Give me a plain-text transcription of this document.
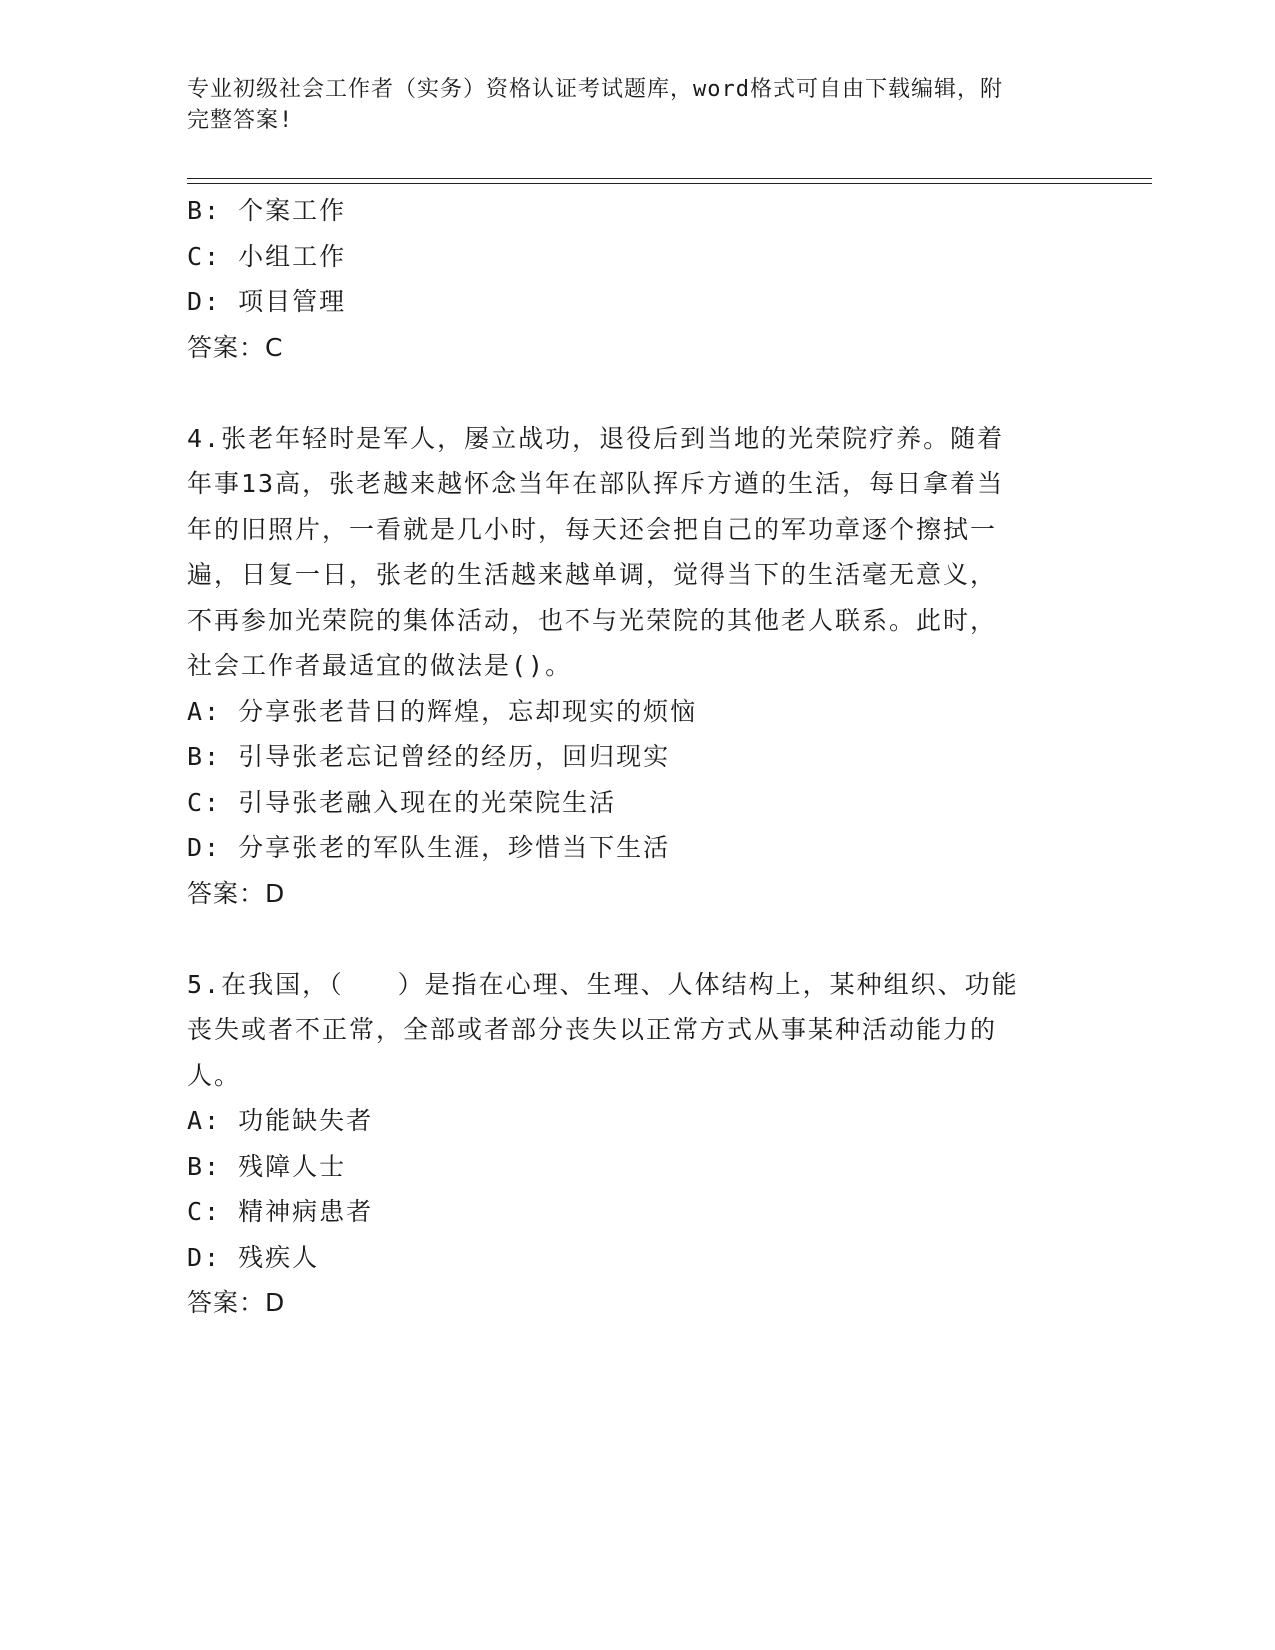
专业初级社会工作者（实务）资格认证考试题库，word格式可自由下载编辑，附
完整答案!
B: 个案工作
C: 小组工作
D: 项目管理
答案：C
4.张老年轻时是军人，屡立战功，退役后到当地的光荣院疗养。随着
年事13高，张老越来越怀念当年在部队挥斥方遒的生活，每日拿着当
年的旧照片，一看就是几小时，每天还会把自己的军功章逐个擦拭一
遍，日复一日，张老的生活越来越单调，觉得当下的生活毫无意义，
不再参加光荣院的集体活动，也不与光荣院的其他老人联系。此时，
社会工作者最适宜的做法是()。
A: 分享张老昔日的辉煌，忘却现实的烦恼
B: 引导张老忘记曾经的经历，回归现实
C: 引导张老融入现在的光荣院生活
D: 分享张老的军队生涯，珍惜当下生活
答案：D
5.在我国，（　　）是指在心理、生理、人体结构上，某种组织、功能
丧失或者不正常，全部或者部分丧失以正常方式从事某种活动能力的
人。
A: 功能缺失者
B: 残障人士
C: 精神病患者
D: 残疾人
答案：D
